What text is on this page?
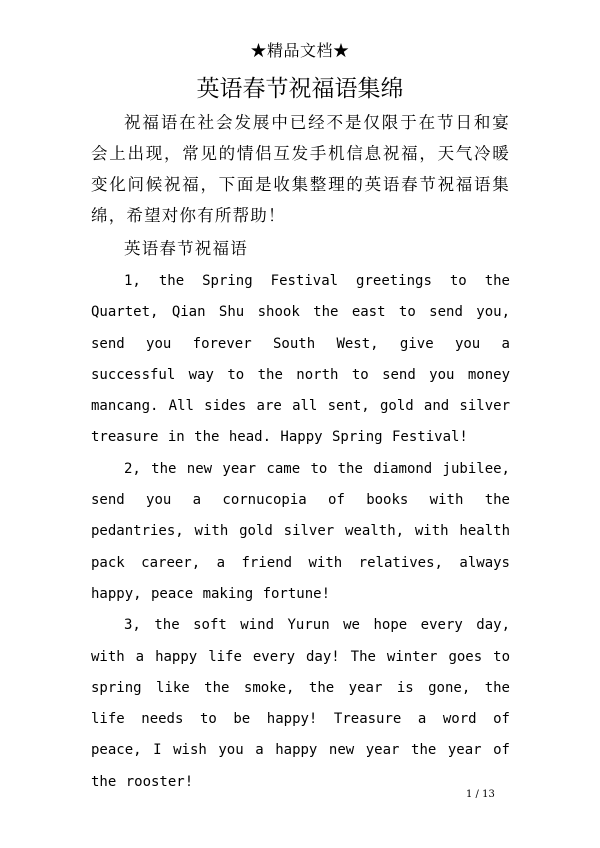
★精品文档★
英语春节祝福语集绵

祝福语在社会发展中已经不是仅限于在节日和宴会上出现，常见的情侣互发手机信息祝福，天气冷暖变化问候祝福，下面是收集整理的英语春节祝福语集绵，希望对你有所帮助！

英语春节祝福语

1, the Spring Festival greetings to the Quartet, Qian Shu shook the east to send you, send you forever South West, give you a successful way to the north to send you money mancang. All sides are all sent, gold and silver treasure in the head. Happy Spring Festival!

2, the new year came to the diamond jubilee, send you a cornucopia of books with the pedantries, with gold silver wealth, with health pack career, a friend with relatives, always happy, peace making fortune!

3, the soft wind Yurun we hope every day, with a happy life every day! The winter goes to spring like the smoke, the year is gone, the life needs to be happy! Treasure a word of peace, I wish you a happy new year the year of the rooster!

1 / 13
